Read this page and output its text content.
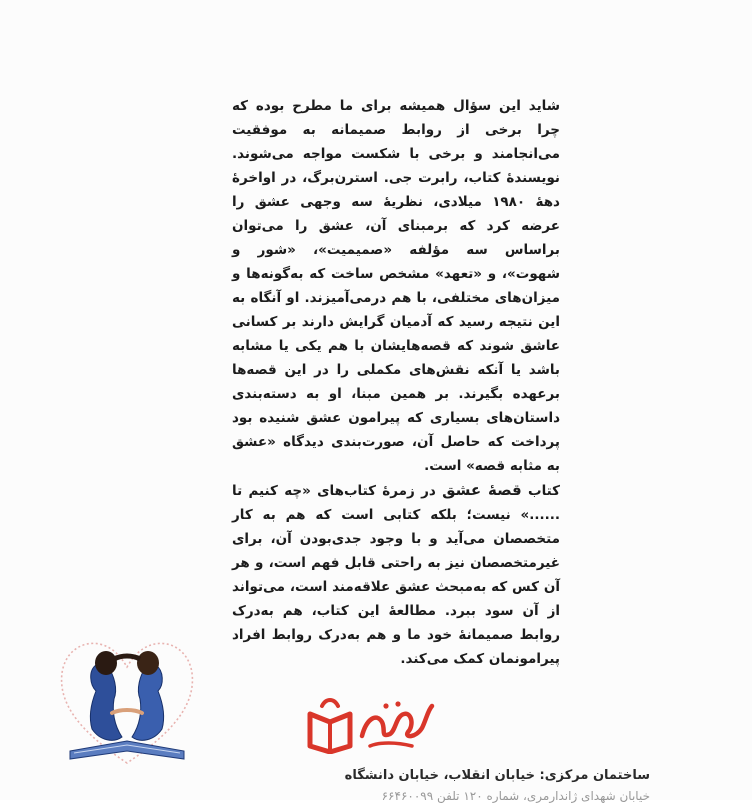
شاید این سؤال همیشه برای ما مطرح بوده که چرا برخی از روابط صمیمانه به موفقیت می‌انجامند و برخی با شکست مواجه می‌شوند. نویسندهٔ کتاب، رابرت جی. استرن‌برگ، در اواخرهٔ دههٔ ۱۹۸۰ میلادی، نظریهٔ سه وجهی عشق را عرضه کرد که برمبنای آن، عشق را می‌توان براساس سه مؤلفه «صمیمیت»، «شور و شهوت»، و «تعهد» مشخص ساخت که به‌گونه‌ها و میزان‌های مختلفی، با هم درمی‌آمیزند. او آنگاه به این نتیجه رسید که آدمیان گرایش دارند بر کسانی عاشق شوند که قصه‌هایشان با هم یکی یا مشابه باشد یا آنکه نقش‌های مکملی را در این قصه‌ها برعهده بگیرند. بر همین مبنا، او به دسته‌بندی داستان‌های بسیاری که پیرامون عشق شنیده بود پرداخت که حاصل آن، صورت‌بندی دیدگاه «عشق به مثابه قصه» است.

کتاب قصهٔ عشق در زمرهٔ کتاب‌های «چه کنیم تا ......» نیست؛ بلکه کتابی است که هم به کار متخصصان می‌آید و با وجود جدی‌بودن آن، برای غیرمتخصصان نیز به راحتی قابل فهم است، و هر آن کس که به‌مبحث عشق علاقه‌مند است، می‌تواند از آن سود ببرد. مطالعهٔ این کتاب، هم به‌درک روابط صمیمانهٔ خود ما و هم به‌درک روابط افراد پیرامونمان کمک می‌کند.

ساختمان مرکزی: خیابان انقلاب، خیابان دانشگاه
خیابان شهدای ژاندارمری، شماره ۱۲۰ تلفن ۶۶۴۶۰۰۹۹
